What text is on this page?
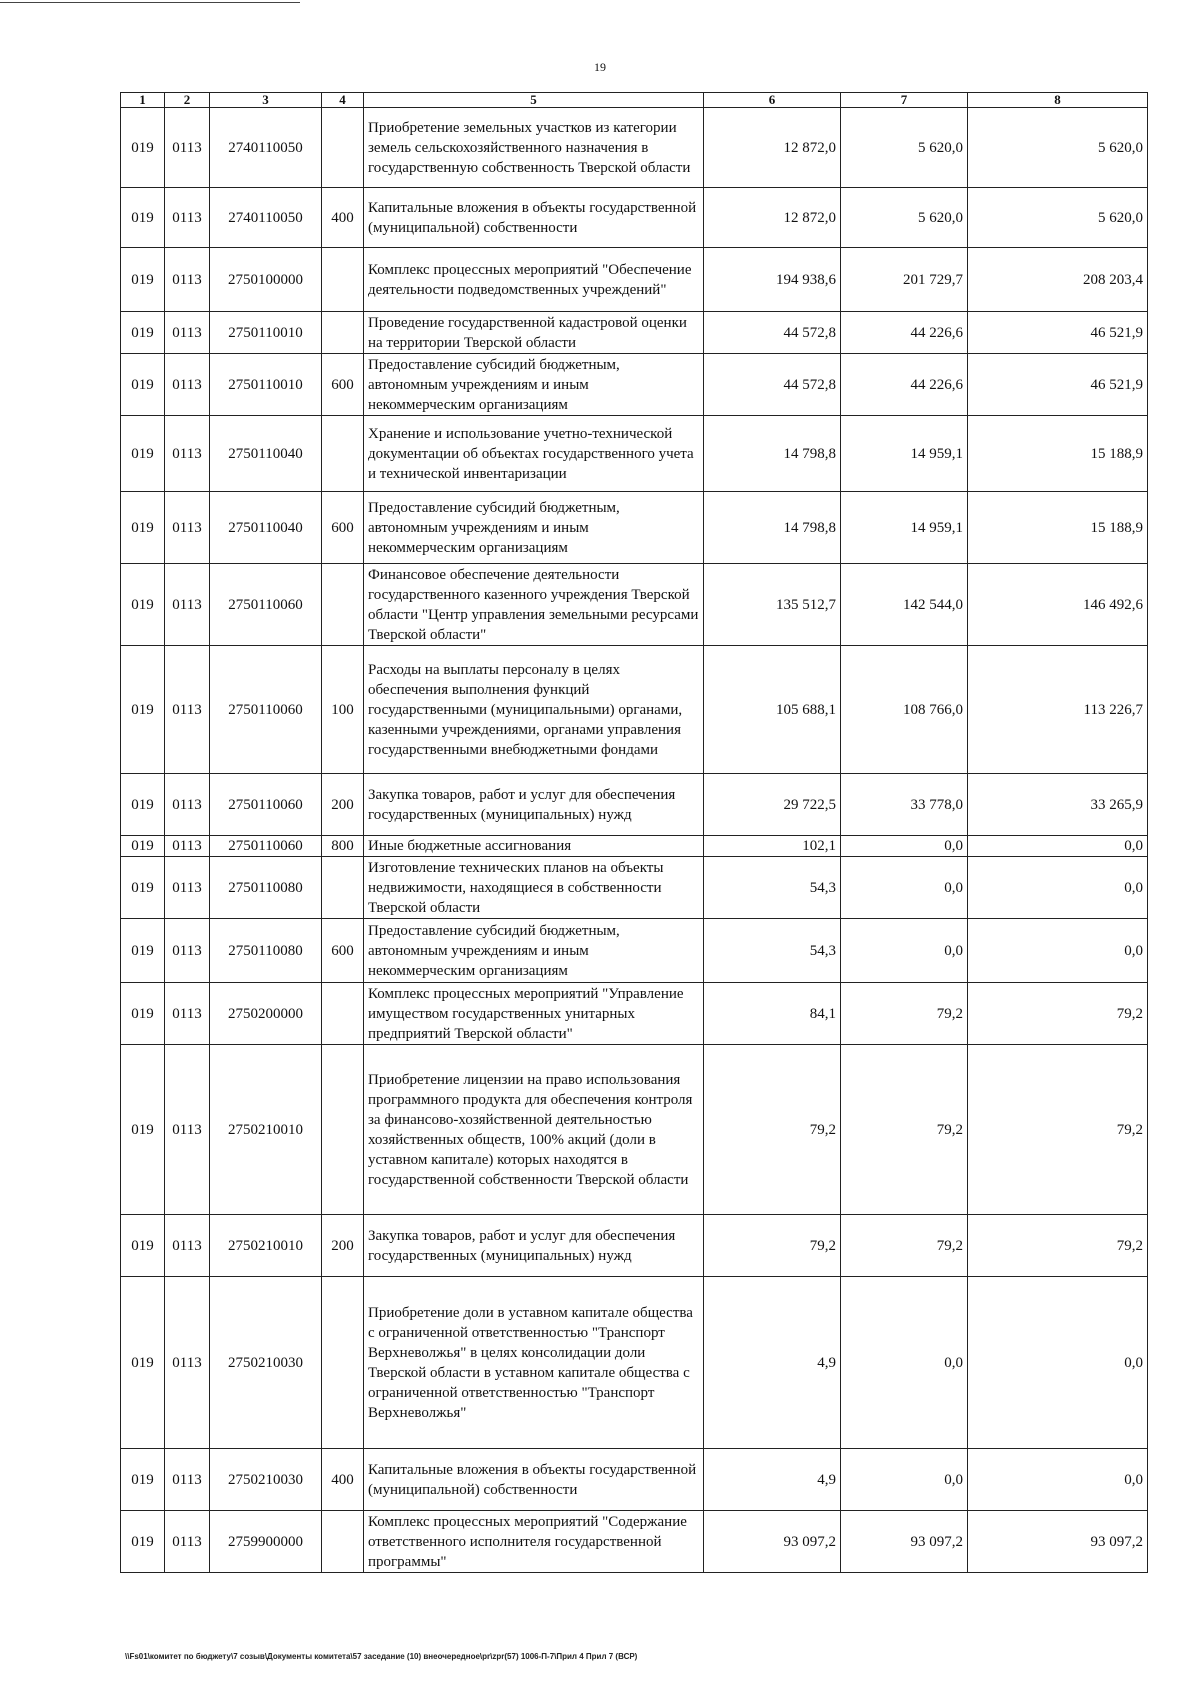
19
1	2	3	4	5	6	7	8
019	0113	2740110050		Приобретение земельных участков из категории земель сельскохозяйственного назначения в государственную собственность Тверской области	12 872,0	5 620,0	5 620,0
019	0113	2740110050	400	Капитальные вложения в объекты государственной (муниципальной) собственности	12 872,0	5 620,0	5 620,0
019	0113	2750100000		Комплекс процессных мероприятий "Обеспечение деятельности подведомственных учреждений"	194 938,6	201 729,7	208 203,4
019	0113	2750110010		Проведение государственной кадастровой оценки на территории Тверской области	44 572,8	44 226,6	46 521,9
019	0113	2750110010	600	Предоставление субсидий бюджетным, автономным учреждениям и иным некоммерческим организациям	44 572,8	44 226,6	46 521,9
019	0113	2750110040		Хранение и использование учетно-технической документации об объектах государственного учета и технической инвентаризации	14 798,8	14 959,1	15 188,9
019	0113	2750110040	600	Предоставление субсидий бюджетным, автономным учреждениям и иным некоммерческим организациям	14 798,8	14 959,1	15 188,9
019	0113	2750110060		Финансовое обеспечение деятельности государственного казенного учреждения Тверской области "Центр управления земельными ресурсами Тверской области"	135 512,7	142 544,0	146 492,6
019	0113	2750110060	100	Расходы на выплаты персоналу в целях обеспечения выполнения функций государственными (муниципальными) органами, казенными учреждениями, органами управления государственными внебюджетными фондами	105 688,1	108 766,0	113 226,7
019	0113	2750110060	200	Закупка товаров, работ и услуг для обеспечения государственных (муниципальных) нужд	29 722,5	33 778,0	33 265,9
019	0113	2750110060	800	Иные бюджетные ассигнования	102,1	0,0	0,0
019	0113	2750110080		Изготовление технических планов на объекты недвижимости, находящиеся в собственности Тверской области	54,3	0,0	0,0
019	0113	2750110080	600	Предоставление субсидий бюджетным, автономным учреждениям и иным некоммерческим организациям	54,3	0,0	0,0
019	0113	2750200000		Комплекс процессных мероприятий "Управление имуществом государственных унитарных предприятий Тверской области"	84,1	79,2	79,2
019	0113	2750210010		Приобретение лицензии на право использования программного продукта для обеспечения контроля за финансово-хозяйственной деятельностью хозяйственных обществ, 100% акций (доли в уставном капитале) которых находятся в государственной собственности Тверской области	79,2	79,2	79,2
019	0113	2750210010	200	Закупка товаров, работ и услуг для обеспечения государственных (муниципальных) нужд	79,2	79,2	79,2
019	0113	2750210030		Приобретение доли в уставном капитале общества с ограниченной ответственностью "Транспорт Верхневолжья" в целях консолидации доли Тверской области в уставном капитале общества с ограниченной ответственностью "Транспорт Верхневолжья"	4,9	0,0	0,0
019	0113	2750210030	400	Капитальные вложения в объекты государственной (муниципальной) собственности	4,9	0,0	0,0
019	0113	2759900000		Комплекс процессных мероприятий "Содержание ответственного исполнителя государственной программы"	93 097,2	93 097,2	93 097,2
\\Fs01\комитет по бюджету\7 созыв\Документы комитета\57 заседание (10) внеочередное\pr\zpr(57) 1006-П-7\Прил 4 Прил 7 (ВСР)
